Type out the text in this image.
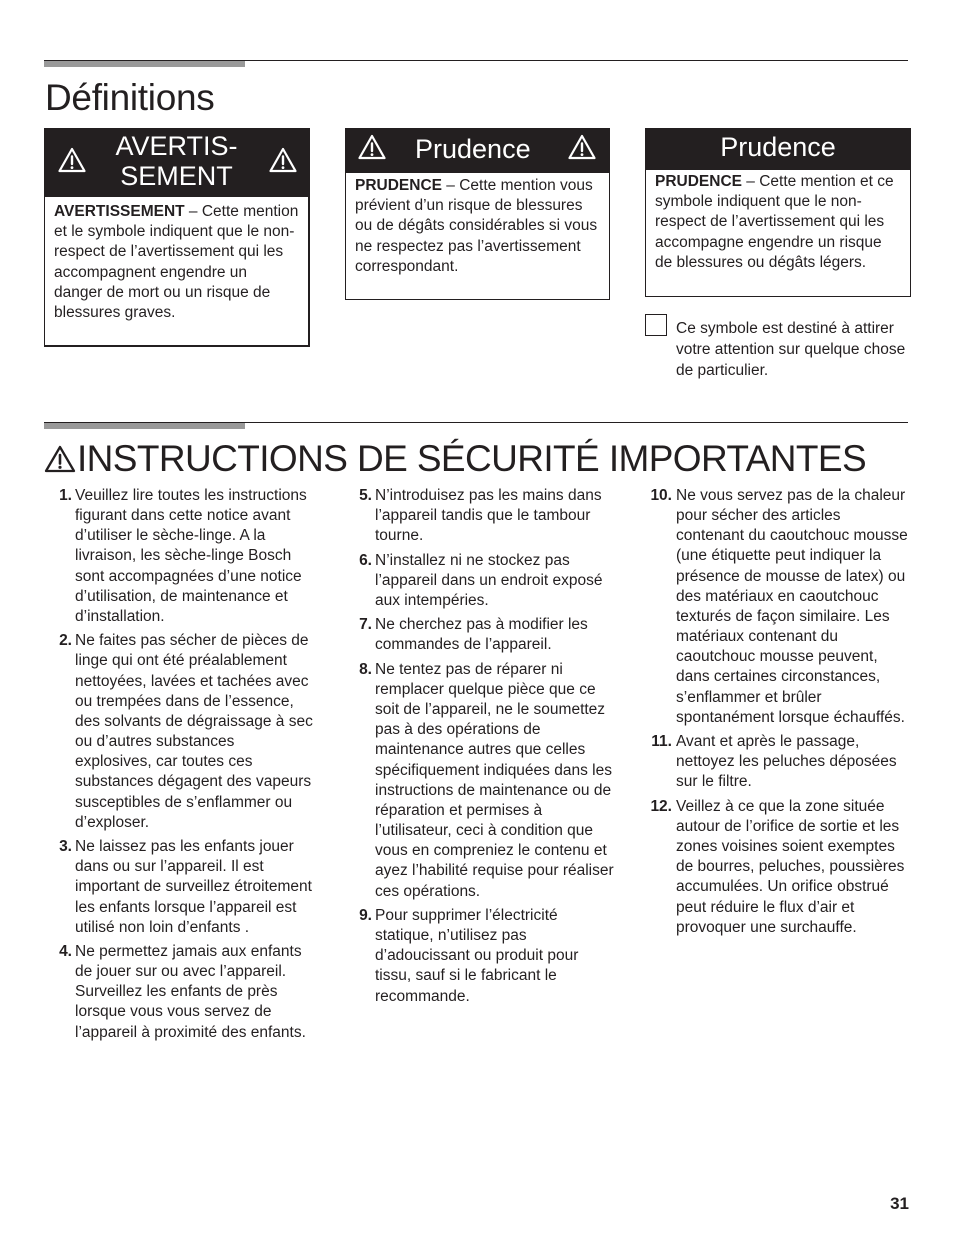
Définitions
AVERTIS-
SEMENT
AVERTISSEMENT – Cette mention et le symbole indiquent que le non-respect de l’avertissement qui les accompagnent engendre un danger de mort ou un risque de blessures graves.
Prudence
PRUDENCE – Cette mention vous prévient d’un risque de blessures ou de dégâts considérables si vous ne respectez pas l’avertissement correspondant.
Prudence
PRUDENCE – Cette mention et ce symbole indiquent que le non-respect de l’avertissement qui les accompagne engendre un risque de blessures ou dégâts légers.
Ce symbole est destiné à attirer votre attention sur quelque chose de particulier.
INSTRUCTIONS DE SÉCURITÉ IMPORTANTES
1. Veuillez lire toutes les instructions figurant dans cette notice avant d’utiliser le sèche-linge. A la livraison, les sèche-linge Bosch sont accompagnées d’une notice d’utilisation, de maintenance et d’installation.
2. Ne faites pas sécher de pièces de linge qui ont été préalablement nettoyées, lavées et tachées avec ou trempées dans de l’essence, des solvants de dégraissage à sec ou d’autres substances explosives, car toutes ces substances dégagent des vapeurs susceptibles de s’enflammer ou d’exploser.
3. Ne laissez pas les enfants jouer dans ou sur l’appareil. Il est important de surveillez étroitement les enfants lorsque l’appareil est utilisé non loin d’enfants .
4. Ne permettez jamais aux enfants de jouer sur ou avec l’appareil. Surveillez les enfants de près lorsque vous vous servez de l’appareil à proximité des enfants.
5. N’introduisez pas les mains dans l’appareil tandis que le tambour tourne.
6. N’installez ni ne stockez pas l’appareil dans un endroit exposé aux intempéries.
7. Ne cherchez pas à modifier les commandes de l’appareil.
8. Ne tentez pas de réparer ni remplacer quelque pièce que ce soit de l’appareil, ne le soumettez pas à des opérations de maintenance autres que celles spécifiquement indiquées dans les instructions de maintenance ou de réparation et permises à l’utilisateur, ceci à condition que vous en compreniez le contenu et ayez l’habilité requise pour réaliser ces opérations.
9. Pour supprimer l’électricité statique, n’utilisez pas d’adoucissant ou produit pour tissu, sauf si le fabricant le recommande.
10. Ne vous servez pas de la chaleur pour sécher des articles contenant du caoutchouc mousse (une étiquette peut indiquer la présence de mousse de latex) ou des matériaux en caoutchouc texturés de façon similaire. Les matériaux contenant du caoutchouc mousse peuvent, dans certaines circonstances, s’enflammer et brûler spontanément lorsque échauffés.
11. Avant et après le passage, nettoyez les peluches déposées sur le filtre.
12. Veillez à ce que la zone située autour de l’orifice de sortie et les zones voisines soient exemptes de bourres, peluches, poussières accumulées. Un orifice obstrué peut réduire le flux d’air et provoquer une surchauffe.
31
